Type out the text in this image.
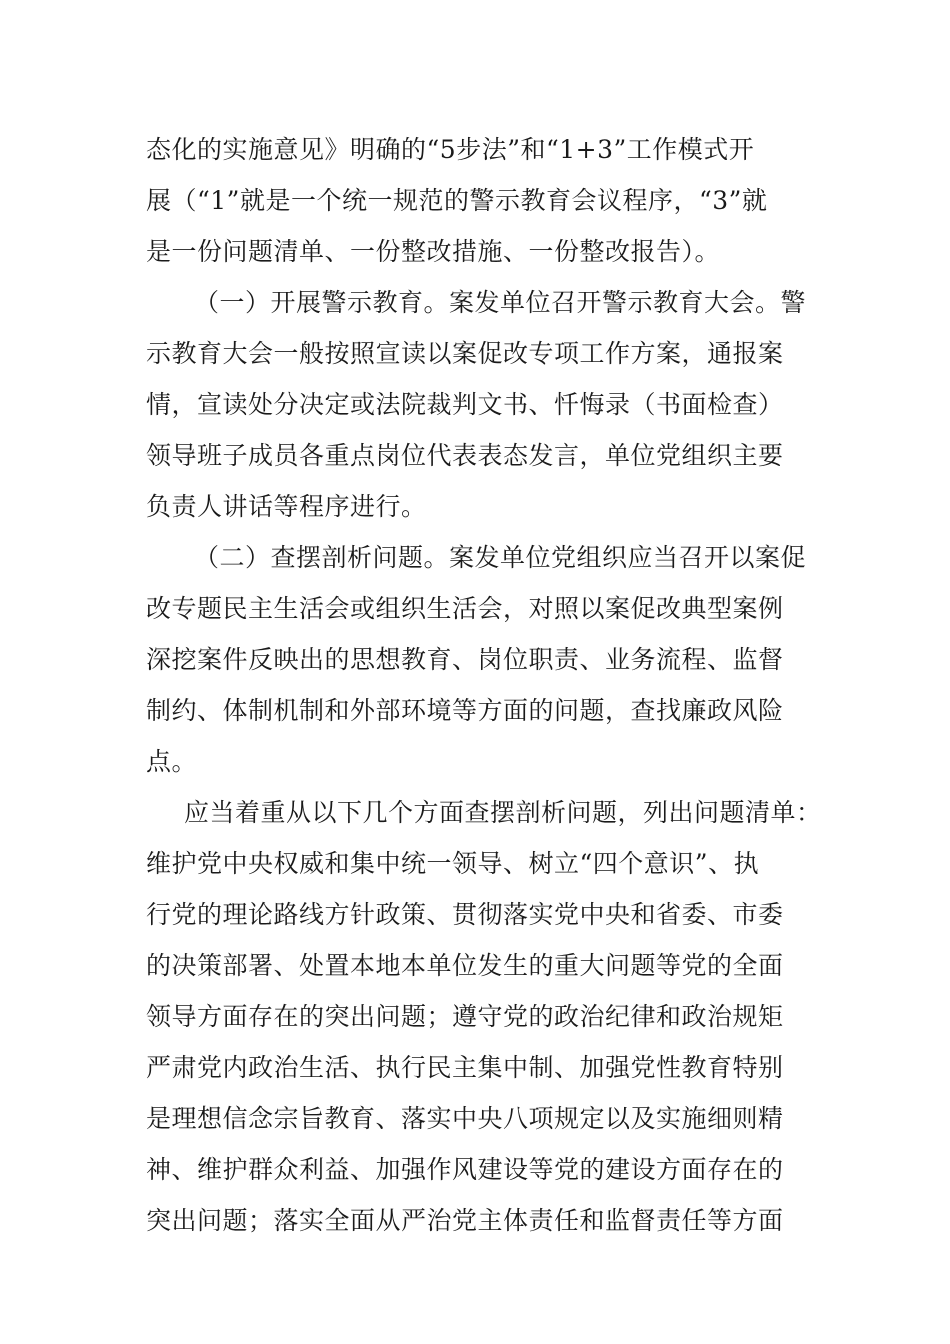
态化的实施意见》明确的“5步法”和“1+3”工作模式开
展（“1”就是一个统一规范的警示教育会议程序，“3”就
是一份问题清单、一份整改措施、一份整改报告）。
（一）开展警示教育。案发单位召开警示教育大会。警
示教育大会一般按照宣读以案促改专项工作方案，通报案
情，宣读处分决定或法院裁判文书、忏悔录（书面检查）
领导班子成员各重点岗位代表表态发言，单位党组织主要
负责人讲话等程序进行。
（二）查摆剖析问题。案发单位党组织应当召开以案促
改专题民主生活会或组织生活会，对照以案促改典型案例
深挖案件反映出的思想教育、岗位职责、业务流程、监督
制约、体制机制和外部环境等方面的问题，查找廉政风险
点。
应当着重从以下几个方面查摆剖析问题，列出问题清单：
维护党中央权威和集中统一领导、树立“四个意识”、执
行党的理论路线方针政策、贯彻落实党中央和省委、市委
的决策部署、处置本地本单位发生的重大问题等党的全面
领导方面存在的突出问题；遵守党的政治纪律和政治规矩
严肃党内政治生活、执行民主集中制、加强党性教育特别
是理想信念宗旨教育、落实中央八项规定以及实施细则精
神、维护群众利益、加强作风建设等党的建设方面存在的
突出问题；落实全面从严治党主体责任和监督责任等方面
